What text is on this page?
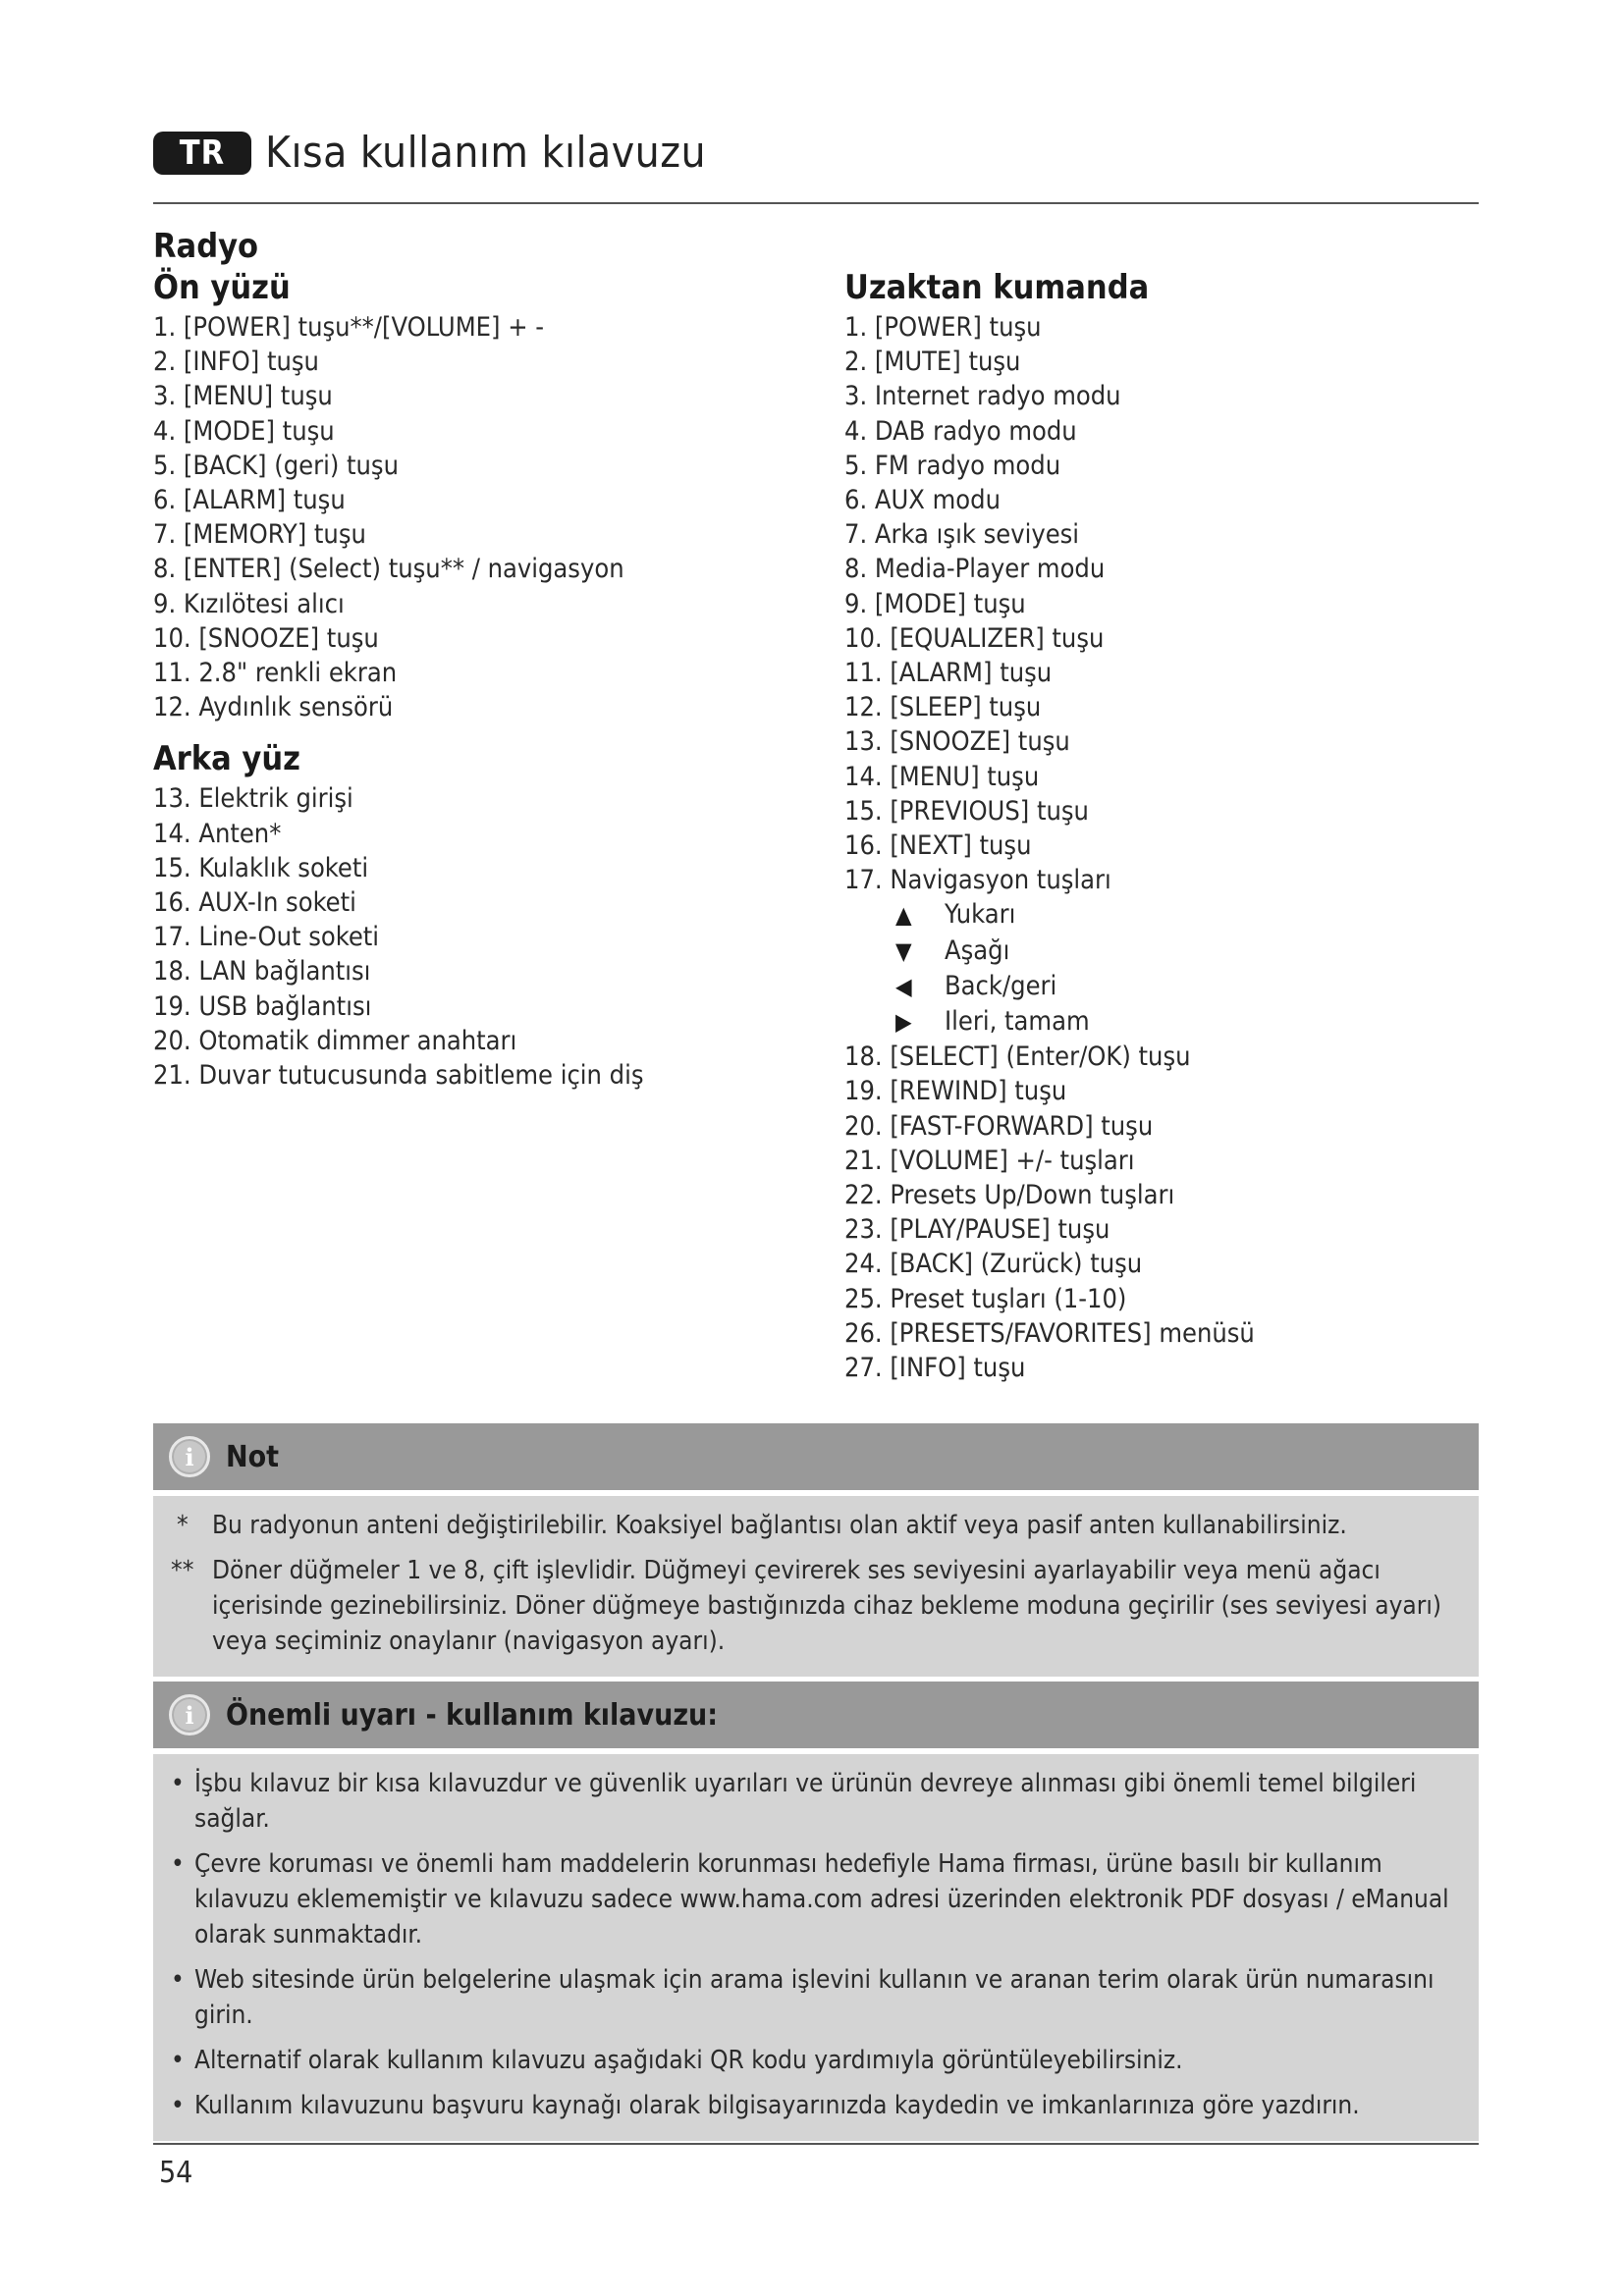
TR Kısa kullanım kılavuzu
Radyo
Ön yüzü
1. [POWER] tuşu**/[VOLUME] + -
2. [INFO] tuşu
3. [MENU] tuşu
4. [MODE] tuşu
5. [BACK] (geri) tuşu
6. [ALARM] tuşu
7. [MEMORY] tuşu
8. [ENTER] (Select) tuşu** / navigasyon
9. Kızılötesi alıcı
10. [SNOOZE] tuşu
11. 2.8" renkli ekran
12. Aydınlık sensörü
Arka yüz
13. Elektrik girişi
14. Anten*
15. Kulaklık soketi
16. AUX-In soketi
17. Line-Out soketi
18. LAN bağlantısı
19. USB bağlantısı
20. Otomatik dimmer anahtarı
21. Duvar tutucusunda sabitleme için diş
Uzaktan kumanda
1. [POWER] tuşu
2. [MUTE] tuşu
3. Internet radyo modu
4. DAB radyo modu
5. FM radyo modu
6. AUX modu
7. Arka ışık seviyesi
8. Media-Player modu
9. [MODE] tuşu
10. [EQUALIZER] tuşu
11. [ALARM] tuşu
12. [SLEEP] tuşu
13. [SNOOZE] tuşu
14. [MENU] tuşu
15. [PREVIOUS] tuşu
16. [NEXT] tuşu
17. Navigasyon tuşları
▲ Yukarı
▼ Aşağı
◀ Back/geri
▶ Ileri, tamam
18. [SELECT] (Enter/OK) tuşu
19. [REWIND] tuşu
20. [FAST-FORWARD] tuşu
21. [VOLUME] +/- tuşları
22. Presets Up/Down tuşları
23. [PLAY/PAUSE] tuşu
24. [BACK] (Zurück) tuşu
25. Preset tuşları (1-10)
26. [PRESETS/FAVORITES] menüsü
27. [INFO] tuşu
i	Not
* Bu radyonun anteni değiştirilebilir. Koaksiyel bağlantısı olan aktif veya pasif anten kullanabilirsiniz.
** Döner düğmeler 1 ve 8, çift işlevlidir. Düğmeyi çevirerek ses seviyesini ayarlayabilir veya menü ağacı içerisinde gezinebilirsiniz. Döner düğmeye bastığınızda cihaz bekleme moduna geçirilir (ses seviyesi ayarı) veya seçiminiz onaylanır (navigasyon ayarı).
i	Önemli uyarı - kullanım kılavuzu:
• İşbu kılavuz bir kısa kılavuzdur ve güvenlik uyarıları ve ürünün devreye alınması gibi önemli temel bilgileri sağlar.
• Çevre koruması ve önemli ham maddelerin korunması hedefiyle Hama firması, ürüne basılı bir kullanım kılavuzu eklememiştir ve kılavuzu sadece www.hama.com adresi üzerinden elektronik PDF dosyası / eManual olarak sunmaktadır.
• Web sitesinde ürün belgelerine ulaşmak için arama işlevini kullanın ve aranan terim olarak ürün numarasını girin.
• Alternatif olarak kullanım kılavuzu aşağıdaki QR kodu yardımıyla görüntüleyebilirsiniz.
• Kullanım kılavuzunu başvuru kaynağı olarak bilgisayarınızda kaydedin ve imkanlarınıza göre yazdırın.
54
